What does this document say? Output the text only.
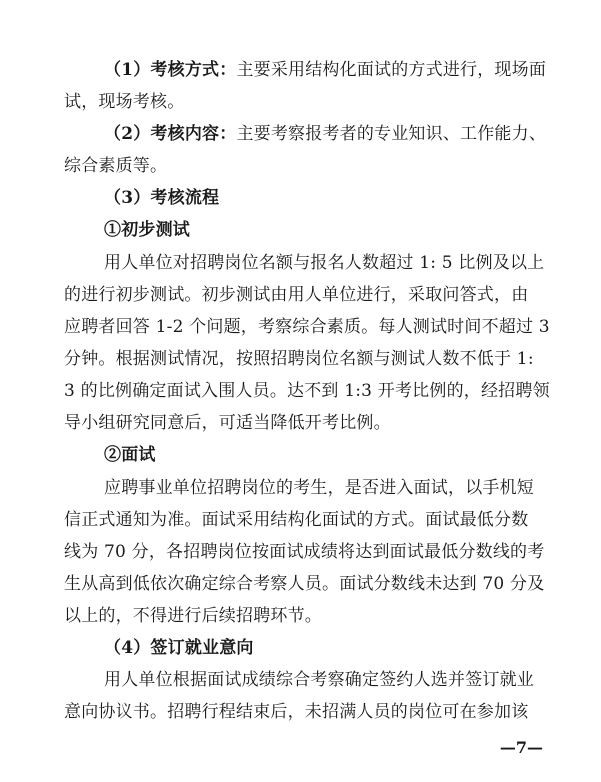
（1）考核方式：主要采用结构化面试的方式进行，现场面
试，现场考核。
（2）考核内容：主要考察报考者的专业知识、工作能力、
综合素质等。
（3）考核流程
①初步测试
用人单位对招聘岗位名额与报名人数超过 1: 5 比例及以上
的进行初步测试。初步测试由用人单位进行，采取问答式，由
应聘者回答 1-2 个问题，考察综合素质。每人测试时间不超过 3
分钟。根据测试情况，按照招聘岗位名额与测试人数不低于 1:
3 的比例确定面试入围人员。达不到 1:3 开考比例的，经招聘领
导小组研究同意后，可适当降低开考比例。
②面试
应聘事业单位招聘岗位的考生，是否进入面试，以手机短
信正式通知为准。面试采用结构化面试的方式。面试最低分数
线为 70 分，各招聘岗位按面试成绩将达到面试最低分数线的考
生从高到低依次确定综合考察人员。面试分数线未达到 70 分及
以上的，不得进行后续招聘环节。
（4）签订就业意向
用人单位根据面试成绩综合考察确定签约人选并签订就业
意向协议书。招聘行程结束后，未招满人员的岗位可在参加该
—7—
